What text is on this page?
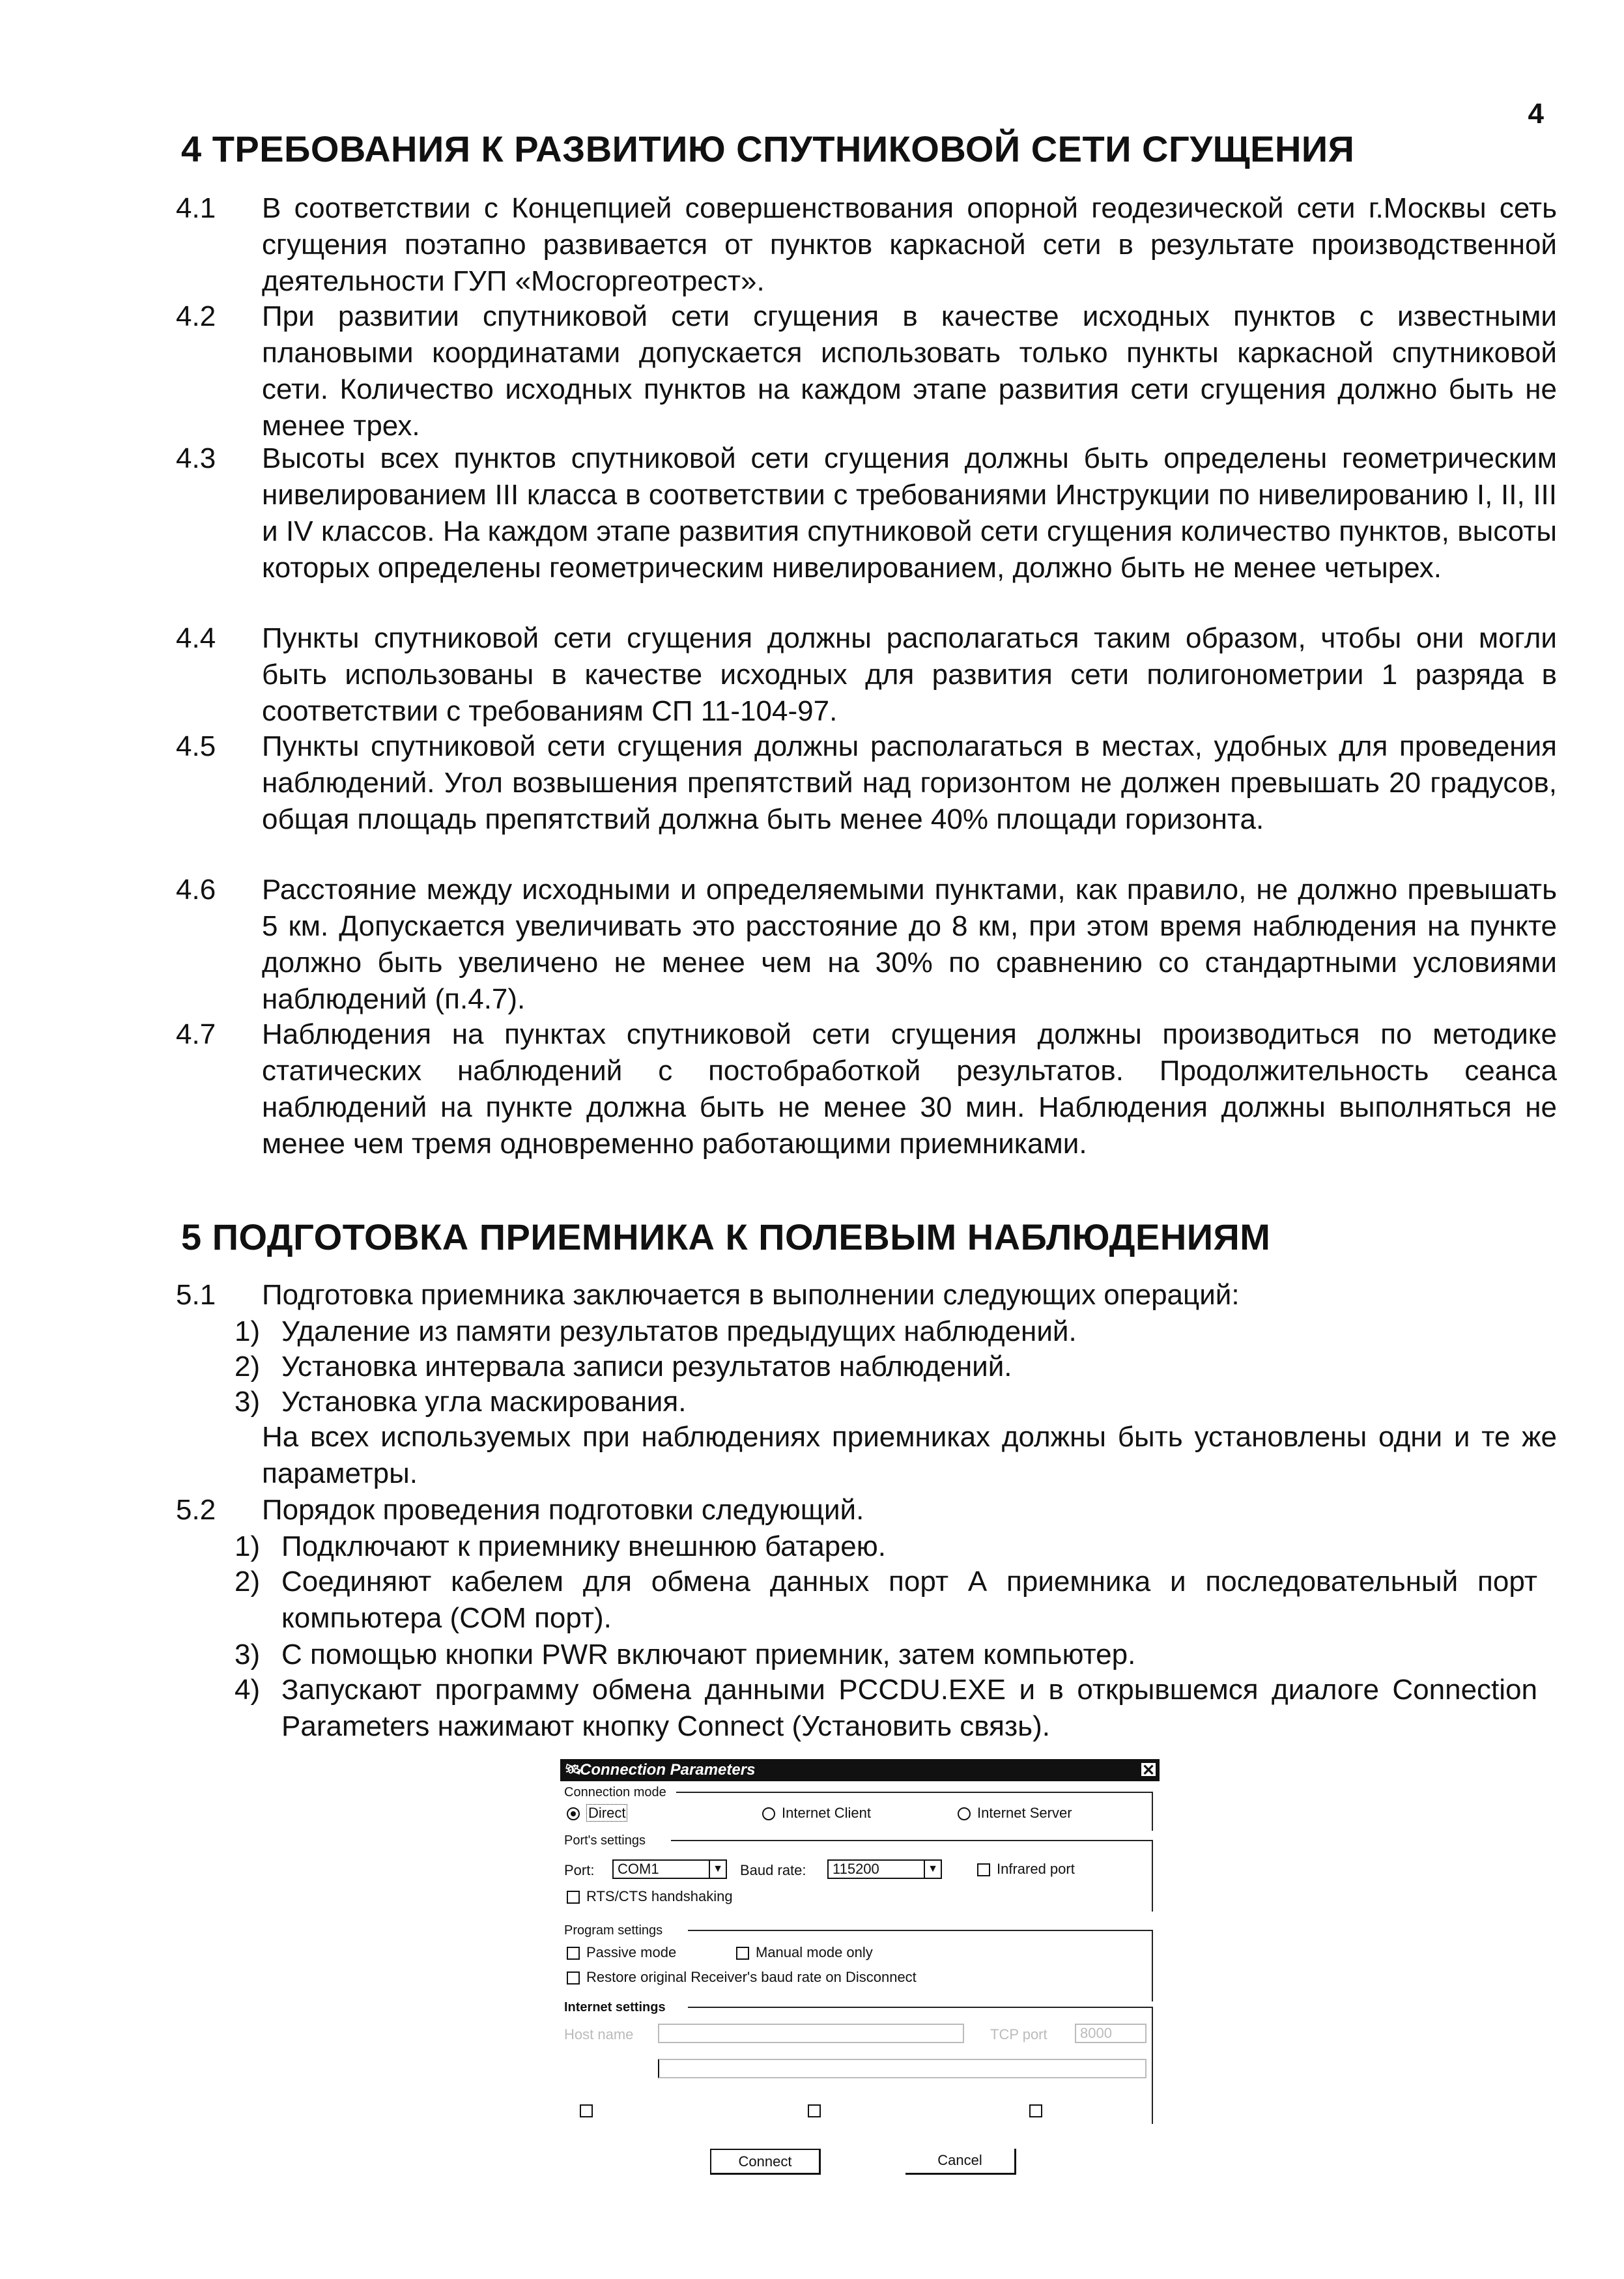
4
4 ТРЕБОВАНИЯ К РАЗВИТИЮ СПУТНИКОВОЙ СЕТИ СГУЩЕНИЯ
4.1 В соответствии с Концепцией совершенствования опорной геодезической сети г.Москвы сеть сгущения поэтапно развивается от пунктов каркасной сети в результате производственной деятельности ГУП «Мосгоргеотрест».
4.2 При развитии спутниковой сети сгущения в качестве исходных пунктов с известными плановыми координатами допускается использовать только пункты каркасной спутниковой сети. Количество исходных пунктов на каждом этапе развития сети сгущения должно быть не менее трех.
4.3 Высоты всех пунктов спутниковой сети сгущения должны быть определены геометрическим нивелированием III класса в соответствии с требованиями Инструкции по нивелированию I, II, III и IV классов. На каждом этапе развития спутниковой сети сгущения количество пунктов, высоты которых определены геометрическим нивелированием, должно быть не менее четырех.
4.4 Пункты спутниковой сети сгущения должны располагаться таким образом, чтобы они могли быть использованы в качестве исходных для развития сети полигонометрии 1 разряда в соответствии с требованиям СП 11-104-97.
4.5 Пункты спутниковой сети сгущения должны располагаться в местах, удобных для проведения наблюдений. Угол возвышения препятствий над горизонтом не должен превышать 20 градусов, общая площадь препятствий должна быть менее 40% площади горизонта.
4.6 Расстояние между исходными и определяемыми пунктами, как правило, не должно превышать 5 км. Допускается увеличивать это расстояние до 8 км, при этом время наблюдения на пункте должно быть увеличено не менее чем на 30% по сравнению со стандартными условиями наблюдений (п.4.7).
4.7 Наблюдения на пунктах спутниковой сети сгущения должны производиться по методике статических наблюдений с постобработкой результатов. Продолжительность сеанса наблюдений на пункте должна быть не менее 30 мин. Наблюдения должны выполняться не менее чем тремя одновременно работающими приемниками.
5 ПОДГОТОВКА ПРИЕМНИКА К ПОЛЕВЫМ НАБЛЮДЕНИЯМ
5.1 Подготовка приемника заключается в выполнении следующих операций:
1) Удаление из памяти результатов предыдущих наблюдений.
2) Установка интервала записи результатов наблюдений.
3) Установка угла маскирования.
На всех используемых при наблюдениях приемниках должны быть установлены одни и те же параметры.
5.2 Порядок проведения подготовки следующий.
1) Подключают к приемнику внешнюю батарею.
2) Соединяют кабелем для обмена данных порт А приемника и последовательный порт компьютера (COM порт).
3) С помощью кнопки PWR включают приемник, затем компьютер.
4) Запускают программу обмена данными PCCDU.EXE и в открывшемся диалоге Connection Parameters нажимают кнопку Connect (Установить связь).
🛰
Connection Parameters	✕
Connection mode
Direct	Internet Client	Internet Server
Port's settings
Port:	COM1	▼ Baud rate:	115200	▼	Infrared port
RTS/CTS handshaking
Program settings
Passive mode	Manual mode only
Restore original Receiver's baud rate on Disconnect
Internet settings
Host name	TCP port	8000
Connect	Cancel
